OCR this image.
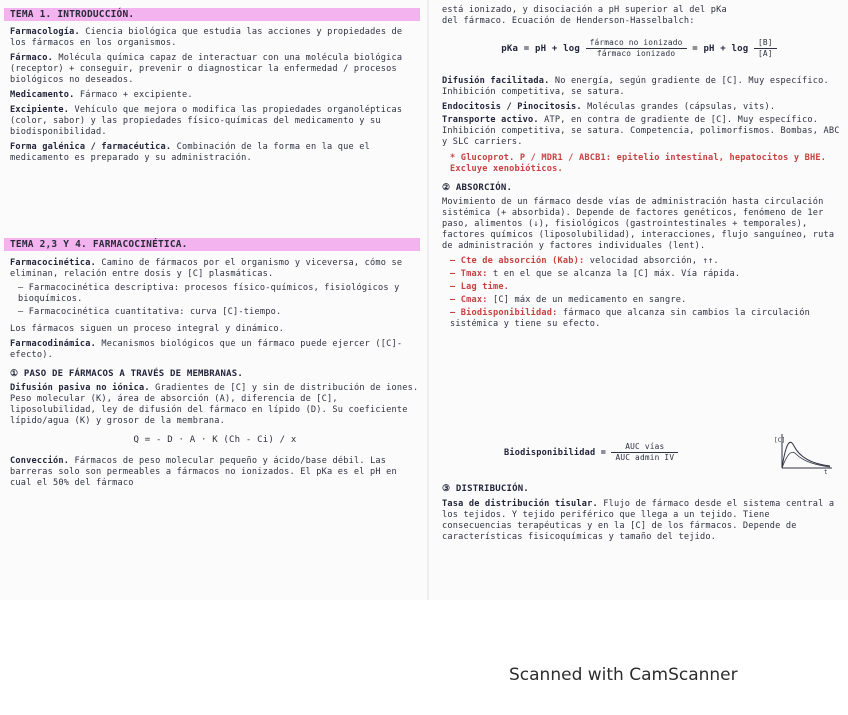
TEMA 1. INTRODUCCIÓN.

Farmacología. Ciencia biológica que estudia las acciones y propiedades de los fármacos en los organismos.

Fármaco. Molécula química capaz de interactuar con una molécula biológica (receptor) + conseguir, prevenir o diagnosticar la enfermedad / procesos biológicos no deseados.

Medicamento. Fármaco + excipiente.

Excipiente. Vehículo que mejora o modifica las propiedades organolépticas (color, sabor) y las propiedades físico-químicas del medicamento y su biodisponibilidad.

Forma galénica / farmacéutica. Combinación de la forma en la que el medicamento es preparado y su administración.

TEMA 2,3 Y 4. FARMACOCINÉTICA.

Farmacocinética. Camino de fármacos por el organismo y viceversa, cómo se eliminan, relación entre dosis y [C] plasmáticas.

– Farmacocinética descriptiva: procesos físico-químicos, fisiológicos y bioquímicos.

– Farmacocinética cuantitativa: curva [C]-tiempo.

Los fármacos siguen un proceso integral y dinámico.

Farmacodinámica. Mecanismos biológicos que un fármaco puede ejercer ([C]-efecto).

① PASO DE FÁRMACOS A TRAVÉS DE MEMBRANAS.

Difusión pasiva no iónica. Gradientes de [C] y sin de distribución de iones. Peso molecular (K), área de absorción (A), diferencia de [C], liposolubilidad, ley de difusión del fármaco en lípido (D). Su coeficiente lípido/agua (K) y grosor de la membrana.

Q = - D · A · K (Ch - Ci) / x

Convección. Fármacos de peso molecular pequeño y ácido/base débil. Las barreras solo son permeables a fármacos no ionizados. El pKa es el pH en cual el 50% del fármaco

está ionizado, y disociación a pH superior al del pKa

del fármaco. Ecuación de Henderson-Hasselbalch:

pKa = pH + $\log \frac{\text{fármaco no ionizado}}{\text{fármaco ionizado}}$ = pH + $\log \frac{[B]}{[A]}$

Difusión facilitada. No energía, según gradiente de [C]. Muy específico. Inhibición competitiva, se satura.

Endocitosis / Pinocitosis. Moléculas grandes (cápsulas, vits).

Transporte activo. ATP, en contra de gradiente de [C]. Muy específico. Inhibición competitiva, se satura. Competencia, polimorfismos. Bombas, ABC y SLC carriers.

* Glucoprot. P / MDR1 / ABCB1: epitelio intestinal, hepatocitos y BHE. Excluye xenobióticos.

② ABSORCIÓN.

Movimiento de un fármaco desde vías de administración hasta circulación sistémica (+ absorbida). Depende de factores genéticos, fenómeno de 1er paso, alimentos (↓), fisiológicos (gastrointestinales + temporales), factores químicos (liposolubilidad), interacciones, flujo sanguíneo, ruta de administración y factores individuales (lent).

– Cte de absorción (Kab): velocidad absorción, ↑↑.

– Tmax: t en el que se alcanza la [C] máx. Vía rápida.

– Lag time.

– Cmax: [C] máx de un medicamento en sangre.

– Biodisponibilidad: fármaco que alcanza sin cambios la circulación sistémica y tiene su efecto.

Biodisponibilidad = $\frac{\text{AUC vías}}{\text{AUC admin IV}}$
[C]
t

③ DISTRIBUCIÓN.

Tasa de distribución tisular. Flujo de fármaco desde el sistema central a los tejidos. Y tejido periférico que llega a un tejido. Tiene consecuencias terapéuticas y en la [C] de los fármacos. Depende de características fisicoquímicas y tamaño del tejido.

Scanned with CamScanner
